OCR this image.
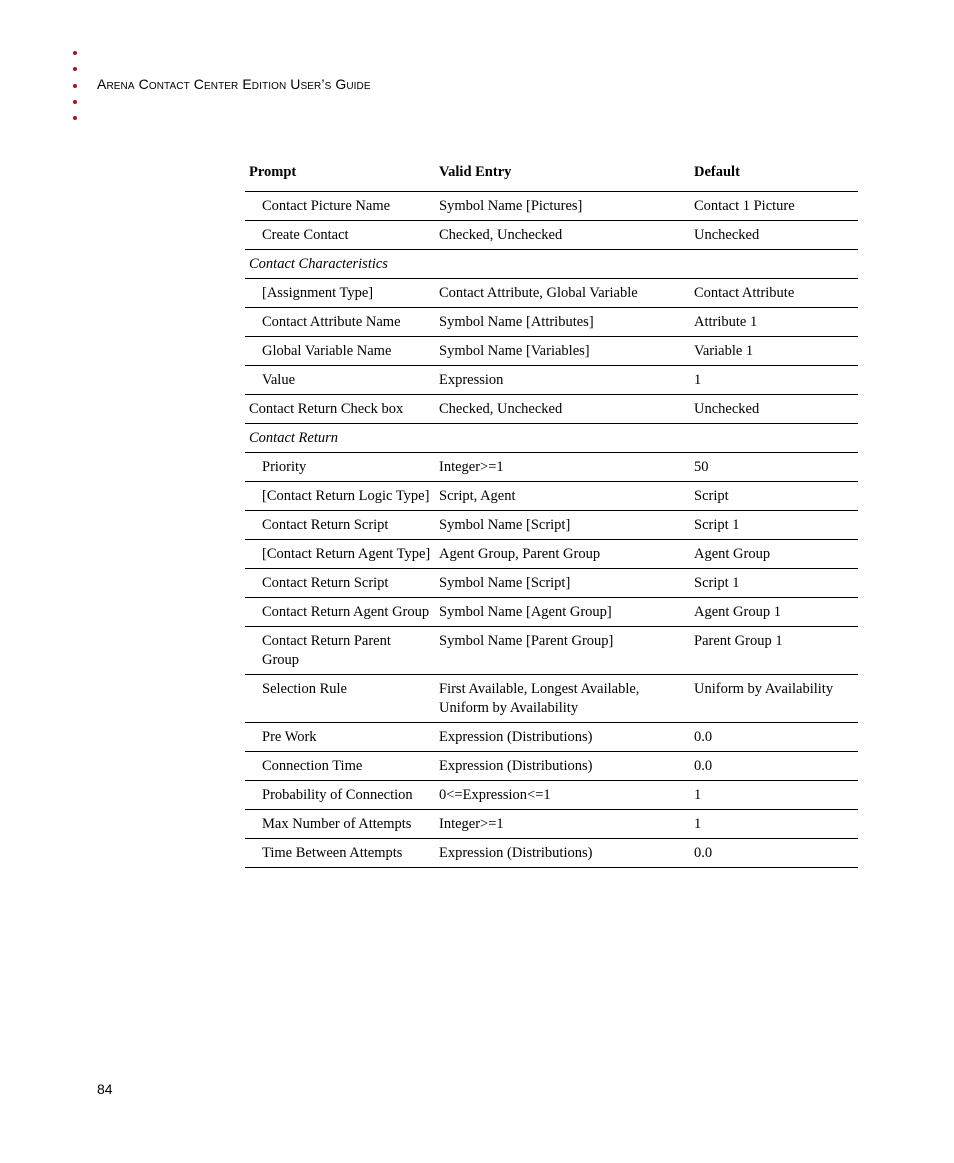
Arena Contact Center Edition User’s Guide
Prompt	Valid Entry	Default
Contact Picture Name	Symbol Name [Pictures]	Contact 1 Picture
Create Contact	Checked, Unchecked	Unchecked
Contact Characteristics		
[Assignment Type]	Contact Attribute, Global Variable	Contact Attribute
Contact Attribute Name	Symbol Name [Attributes]	Attribute 1
Global Variable Name	Symbol Name [Variables]	Variable 1
Value	Expression	1
Contact Return Check box	Checked, Unchecked	Unchecked
Contact Return		
Priority	Integer>=1	50
[Contact Return Logic Type]	Script, Agent	Script
Contact Return Script	Symbol Name [Script]	Script 1
[Contact Return Agent Type]	Agent Group, Parent Group	Agent Group
Contact Return Script	Symbol Name [Script]	Script 1
Contact Return Agent Group	Symbol Name [Agent Group]	Agent Group 1
Contact Return Parent Group	Symbol Name [Parent Group]	Parent Group 1
Selection Rule	First Available, Longest Available, Uniform by Availability	Uniform by Availability
Pre Work	Expression (Distributions)	0.0
Connection Time	Expression (Distributions)	0.0
Probability of Connection	0<=Expression<=1	1
Max Number of Attempts	Integer>=1	1
Time Between Attempts	Expression (Distributions)	0.0
84
